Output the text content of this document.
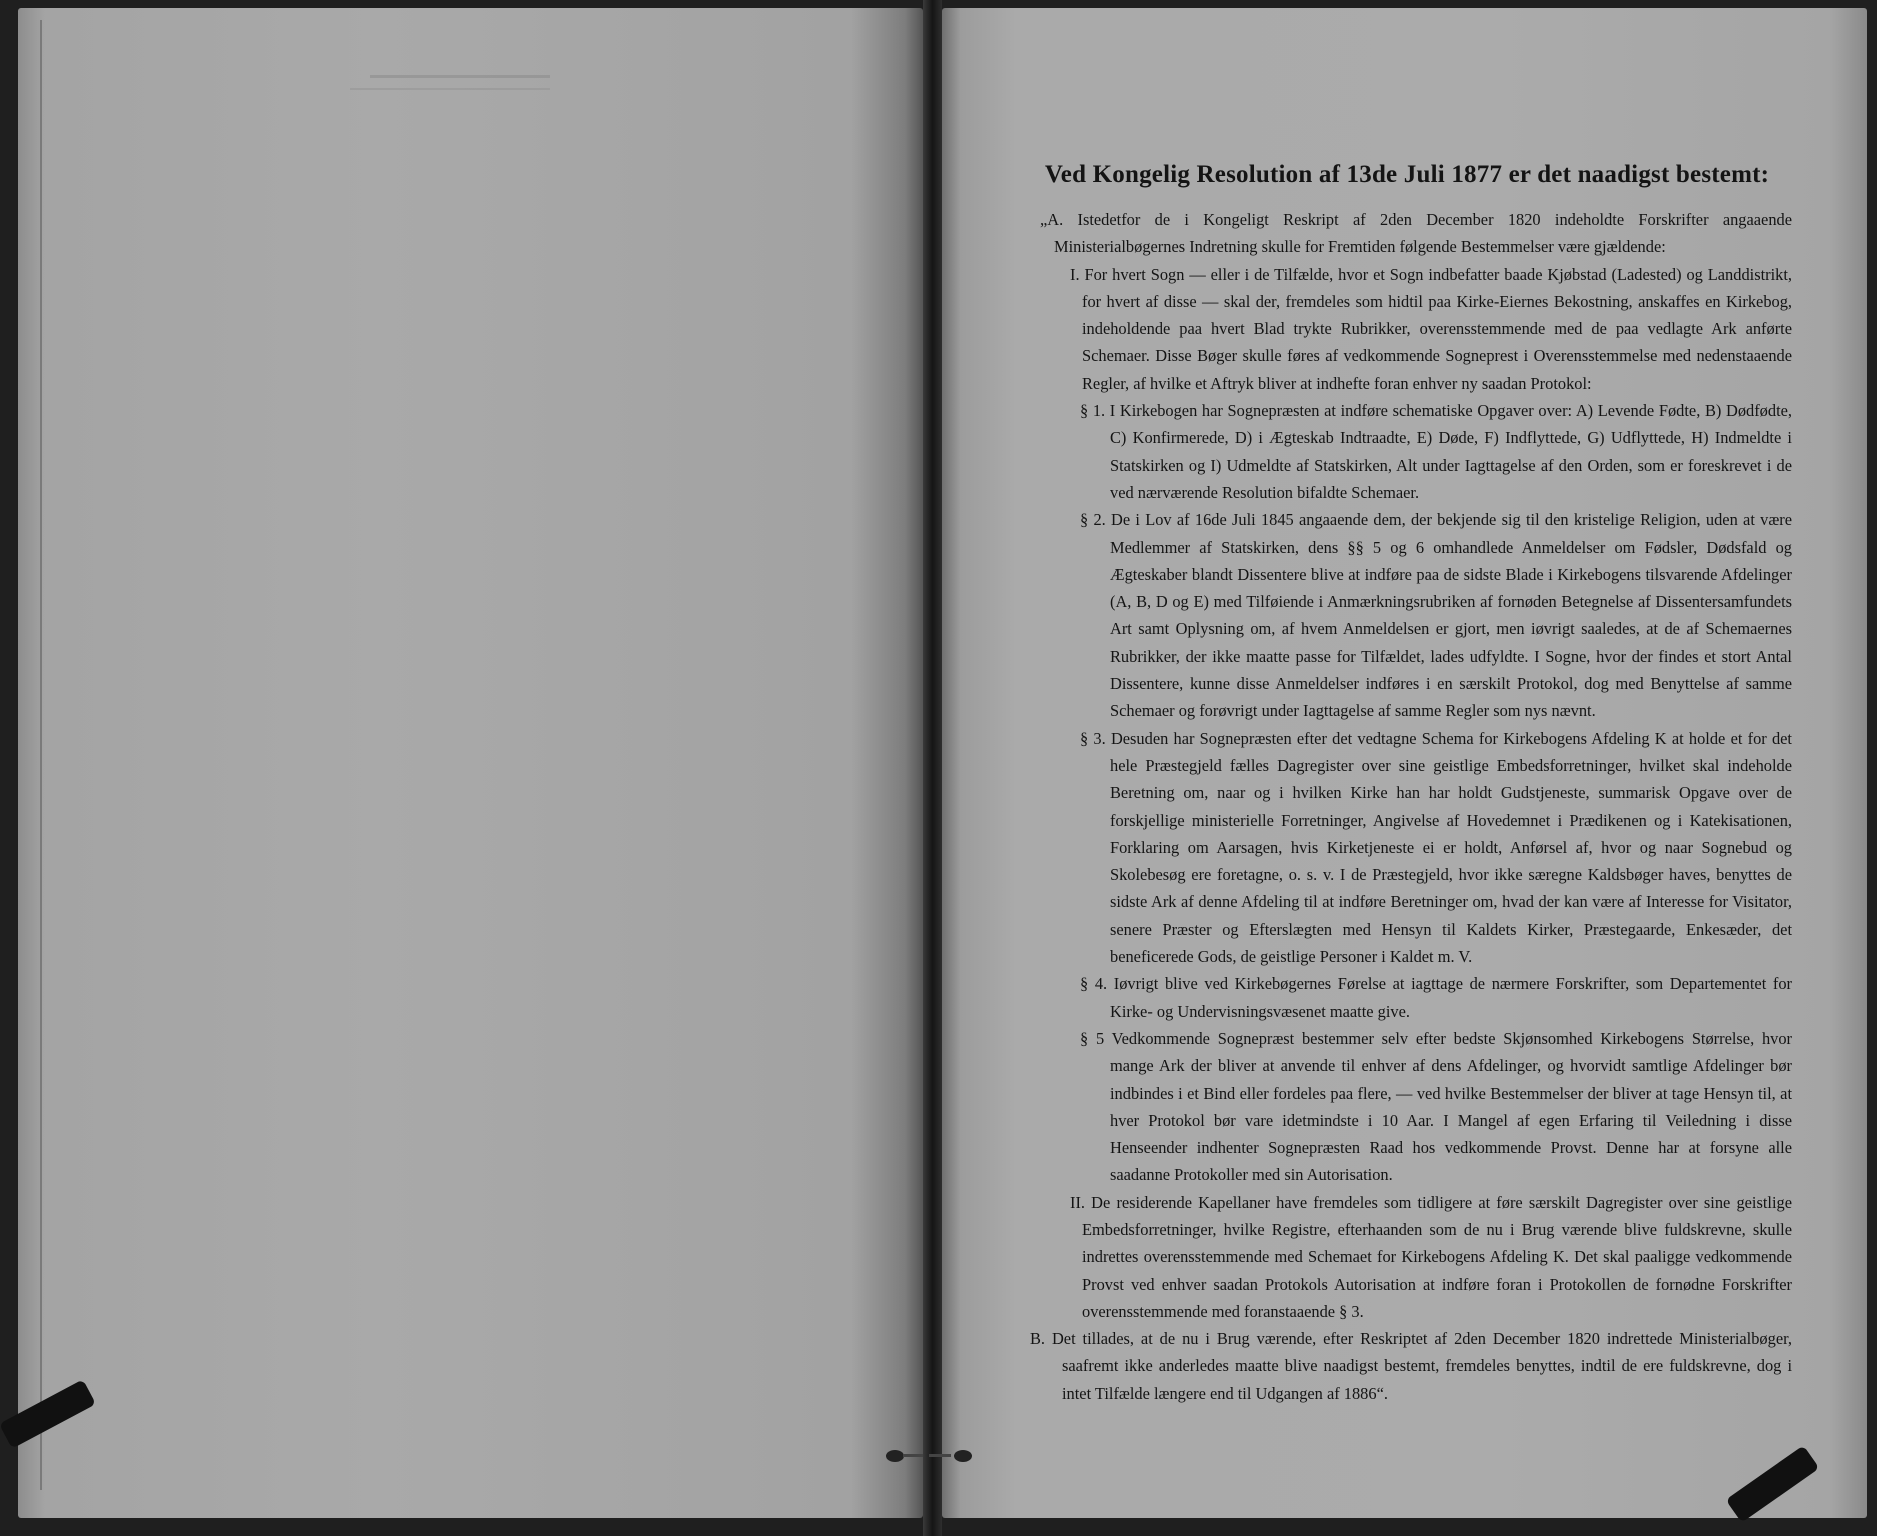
Ved Kongelig Resolution af 13de Juli 1877 er det naadigst bestemt:

„A. Istedetfor de i Kongeligt Reskript af 2den December 1820 indeholdte Forskrifter angaaende Ministerialbøgernes Indretning skulle for Fremtiden følgende Bestemmelser være gjældende:

I. For hvert Sogn — eller i de Tilfælde, hvor et Sogn indbefatter baade Kjøbstad (Ladested) og Landdistrikt, for hvert af disse — skal der, fremdeles som hidtil paa Kirke-Eiernes Bekostning, anskaffes en Kirkebog, indeholdende paa hvert Blad trykte Rubrikker, overensstemmende med de paa vedlagte Ark anførte Schemaer. Disse Bøger skulle føres af vedkommende Sogneprest i Overensstemmelse med nedenstaaende Regler, af hvilke et Aftryk bliver at indhefte foran enhver ny saadan Protokol:

§ 1. I Kirkebogen har Sognepræsten at indføre schematiske Opgaver over: A) Levende Fødte, B) Dødfødte, C) Konfirmerede, D) i Ægteskab Indtraadte, E) Døde, F) Indflyttede, G) Udflyttede, H) Indmeldte i Statskirken og I) Udmeldte af Statskirken, Alt under Iagttagelse af den Orden, som er foreskrevet i de ved nærværende Resolution bifaldte Schemaer.

§ 2. De i Lov af 16de Juli 1845 angaaende dem, der bekjende sig til den kristelige Religion, uden at være Medlemmer af Statskirken, dens §§ 5 og 6 omhandlede Anmeldelser om Fødsler, Dødsfald og Ægteskaber blandt Dissentere blive at indføre paa de sidste Blade i Kirkebogens tilsvarende Afdelinger (A, B, D og E) med Tilføiende i Anmærkningsrubriken af fornøden Betegnelse af Dissentersamfundets Art samt Oplysning om, af hvem Anmeldelsen er gjort, men iøvrigt saaledes, at de af Schemaernes Rubrikker, der ikke maatte passe for Tilfældet, lades udfyldte. I Sogne, hvor der findes et stort Antal Dissentere, kunne disse Anmeldelser indføres i en særskilt Protokol, dog med Benyttelse af samme Schemaer og forøvrigt under Iagttagelse af samme Regler som nys nævnt.

§ 3. Desuden har Sognepræsten efter det vedtagne Schema for Kirkebogens Afdeling K at holde et for det hele Præstegjeld fælles Dagregister over sine geistlige Embedsforretninger, hvilket skal indeholde Beretning om, naar og i hvilken Kirke han har holdt Gudstjeneste, summarisk Opgave over de forskjellige ministerielle Forretninger, Angivelse af Hovedemnet i Prædikenen og i Katekisationen, Forklaring om Aarsagen, hvis Kirketjeneste ei er holdt, Anførsel af, hvor og naar Sognebud og Skolebesøg ere foretagne, o. s. v. I de Præstegjeld, hvor ikke særegne Kaldsbøger haves, benyttes de sidste Ark af denne Afdeling til at indføre Beretninger om, hvad der kan være af Interesse for Visitator, senere Præster og Efterslægten med Hensyn til Kaldets Kirker, Præstegaarde, Enkesæder, det beneficerede Gods, de geistlige Personer i Kaldet m. V.

§ 4. Iøvrigt blive ved Kirkebøgernes Førelse at iagttage de nærmere Forskrifter, som Departementet for Kirke- og Undervisningsvæsenet maatte give.

§ 5 Vedkommende Sognepræst bestemmer selv efter bedste Skjønsomhed Kirkebogens Størrelse, hvor mange Ark der bliver at anvende til enhver af dens Afdelinger, og hvorvidt samtlige Afdelinger bør indbindes i et Bind eller fordeles paa flere, — ved hvilke Bestemmelser der bliver at tage Hensyn til, at hver Protokol bør vare idetmindste i 10 Aar. I Mangel af egen Erfaring til Veiledning i disse Henseender indhenter Sognepræsten Raad hos vedkommende Provst. Denne har at forsyne alle saadanne Protokoller med sin Autorisation.

II. De residerende Kapellaner have fremdeles som tidligere at føre særskilt Dagregister over sine geistlige Embedsforretninger, hvilke Registre, efterhaanden som de nu i Brug værende blive fuldskrevne, skulle indrettes overensstemmende med Schemaet for Kirkebogens Afdeling K. Det skal paaligge vedkommende Provst ved enhver saadan Protokols Autorisation at indføre foran i Protokollen de fornødne Forskrifter overensstemmende med foranstaaende § 3.

B. Det tillades, at de nu i Brug værende, efter Reskriptet af 2den December 1820 indrettede Ministerialbøger, saafremt ikke anderledes maatte blive naadigst bestemt, fremdeles benyttes, indtil de ere fuldskrevne, dog i intet Tilfælde længere end til Udgangen af 1886“.
